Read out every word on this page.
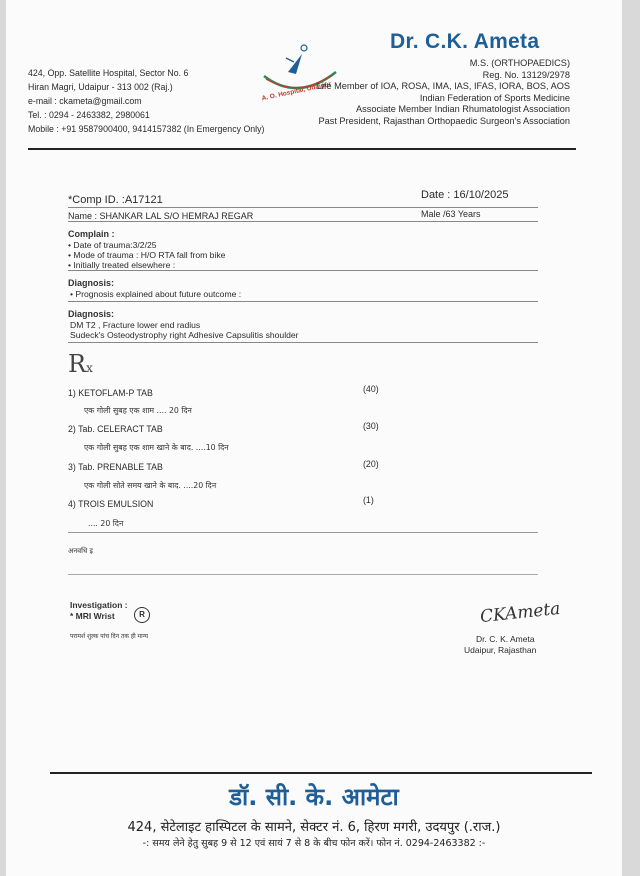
Dr. C.K. Ameta
424, Opp. Satellite Hospital, Sector No. 6
Hiran Magri, Udaipur - 313 002 (Raj.)
e-mail : ckameta@gmail.com
Tel. : 0294 - 2463382, 2980061
Mobile : +91 9587900400, 9414157382 (In Emergency Only)
A. O. Hospital, Udaipur
M.S. (ORTHOPAEDICS)
Reg. No. 13129/2978
Life Member of IOA, ROSA, IMA, IAS, IFAS, IORA, BOS, AOS
Indian Federation of Sports Medicine
Associate Member Indian Rhumatologist Association
Past President, Rajasthan Orthopaedic Surgeon's Association
*Comp ID. :A17121	Date : 16/10/2025
Name : SHANKAR LAL S/O HEMRAJ REGAR	Male /63 Years
Complain :
• Date of trauma:3/2/25
• Mode of trauma : H/O RTA fall from bike
• Initially treated elsewhere :
Diagnosis:
• Prognosis explained about future outcome :
Diagnosis:
DM T2 , Fracture lower end radius
Sudeck's Osteodystrophy right Adhesive Capsulitis shoulder
Rx
1) KETOFLAM-P TAB	(40)
एक गोली सुबह एक शाम .... 20 दिन
2) Tab. CELERACT TAB	(30)
एक गोली सुबह एक शाम खाने के बाद. ....10 दिन
3) Tab. PRENABLE TAB	(20)
एक गोली सोते समय खाने के बाद. ....20 दिन
4) TROIS EMULSION	(1)
.... 20 दिन
अनवधि इ
Investigation :
* MRI Wrist	R
परामर्श शुल्क पांच दिन तक ही मान्य
CKAmeta
Dr. C. K. Ameta
Udaipur, Rajasthan
डॉ. सी. के. आमेटा
424, सेटेलाइट हास्पिटल के सामने, सेक्टर नं. 6, हिरण मगरी, उदयपुर (.राज.)
-: समय लेने हेतु सुबह 9 से 12 एवं सायं 7 से 8 के बीच फोन करें। फोन नं. 0294-2463382 :-
